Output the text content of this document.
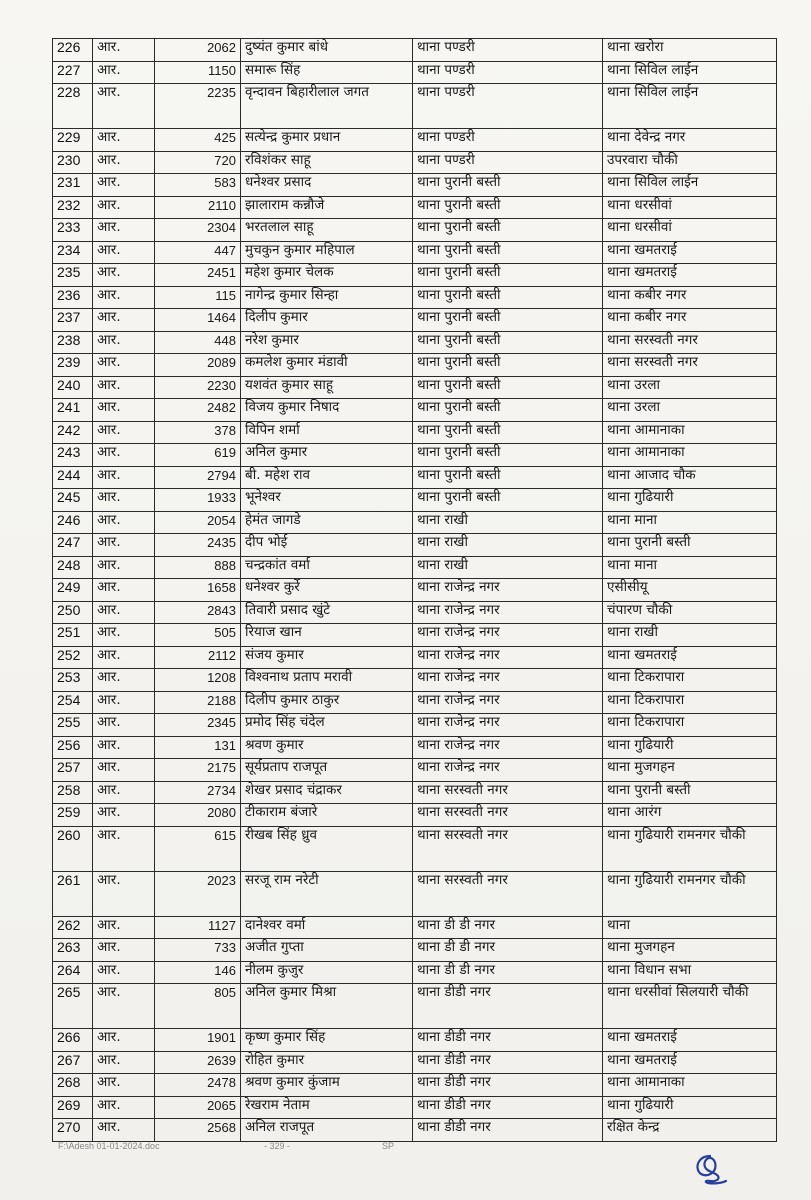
226	आर.	2062	दुष्यंत कुमार बांधे	थाना पण्डरी	थाना खरोरा
227	आर.	1150	समारू सिंह	थाना पण्डरी	थाना सिविल लाईन
228	आर.	2235	वृन्दावन बिहारीलाल जगत	थाना पण्डरी	थाना सिविल लाईन
229	आर.	425	सत्येन्द्र कुमार प्रधान	थाना पण्डरी	थाना देवेन्द्र नगर
230	आर.	720	रविशंकर साहू	थाना पण्डरी	उपरवारा चौकी
231	आर.	583	धनेश्वर प्रसाद	थाना पुरानी बस्ती	थाना सिविल लाईन
232	आर.	2110	झालाराम कन्नौजे	थाना पुरानी बस्ती	थाना धरसीवां
233	आर.	2304	भरतलाल साहू	थाना पुरानी बस्ती	थाना धरसीवां
234	आर.	447	मुचकुन कुमार महिपाल	थाना पुरानी बस्ती	थाना खमतराई
235	आर.	2451	महेश कुमार चेलक	थाना पुरानी बस्ती	थाना खमतराई
236	आर.	115	नागेन्द्र कुमार सिन्हा	थाना पुरानी बस्ती	थाना कबीर नगर
237	आर.	1464	दिलीप कुमार	थाना पुरानी बस्ती	थाना कबीर नगर
238	आर.	448	नरेश कुमार	थाना पुरानी बस्ती	थाना सरस्वती नगर
239	आर.	2089	कमलेश कुमार मंडावी	थाना पुरानी बस्ती	थाना सरस्वती नगर
240	आर.	2230	यशवंत कुमार साहू	थाना पुरानी बस्ती	थाना उरला
241	आर.	2482	विजय कुमार निषाद	थाना पुरानी बस्ती	थाना उरला
242	आर.	378	विपिन शर्मा	थाना पुरानी बस्ती	थाना आमानाका
243	आर.	619	अनिल कुमार	थाना पुरानी बस्ती	थाना आमानाका
244	आर.	2794	बी. महेश राव	थाना पुरानी बस्ती	थाना आजाद चौक
245	आर.	1933	भूनेश्वर	थाना पुरानी बस्ती	थाना गुढियारी
246	आर.	2054	हेमंत जागडे	थाना राखी	थाना माना
247	आर.	2435	दीप भोई	थाना राखी	थाना पुरानी बस्ती
248	आर.	888	चन्द्रकांत वर्मा	थाना राखी	थाना माना
249	आर.	1658	धनेश्वर कुर्रे	थाना राजेन्द्र नगर	एसीसीयू
250	आर.	2843	तिवारी प्रसाद खुंटे	थाना राजेन्द्र नगर	चंपारण चौकी
251	आर.	505	रियाज खान	थाना राजेन्द्र नगर	थाना राखी
252	आर.	2112	संजय कुमार	थाना राजेन्द्र नगर	थाना खमतराई
253	आर.	1208	विश्वनाथ प्रताप मरावी	थाना राजेन्द्र नगर	थाना टिकरापारा
254	आर.	2188	दिलीप कुमार ठाकुर	थाना राजेन्द्र नगर	थाना टिकरापारा
255	आर.	2345	प्रमोद सिंह चंदेल	थाना राजेन्द्र नगर	थाना टिकरापारा
256	आर.	131	श्रवण कुमार	थाना राजेन्द्र नगर	थाना गुढियारी
257	आर.	2175	सूर्यप्रताप राजपूत	थाना राजेन्द्र नगर	थाना मुजगहन
258	आर.	2734	शेखर प्रसाद चंद्राकर	थाना सरस्वती नगर	थाना पुरानी बस्ती
259	आर.	2080	टीकाराम बंजारे	थाना सरस्वती नगर	थाना आरंग
260	आर.	615	रीखब सिंह ध्रुव	थाना सरस्वती नगर	थाना गुढियारी रामनगर चौकी
261	आर.	2023	सरजू राम नरेटी	थाना सरस्वती नगर	थाना गुढियारी रामनगर चौकी
262	आर.	1127	दानेश्वर वर्मा	थाना डी डी नगर	थाना
263	आर.	733	अजीत गुप्ता	थाना डी डी नगर	थाना मुजगहन
264	आर.	146	नीलम कुजुर	थाना डी डी नगर	थाना विधान सभा
265	आर.	805	अनिल कुमार मिश्रा	थाना डीडी नगर	थाना धरसीवां सिलयारी चौकी
266	आर.	1901	कृष्ण कुमार सिंह	थाना डीडी नगर	थाना खमतराई
267	आर.	2639	रोहित कुमार	थाना डीडी नगर	थाना खमतराई
268	आर.	2478	श्रवण कुमार कुंजाम	थाना डीडी नगर	थाना आमानाका
269	आर.	2065	रेखराम नेताम	थाना डीडी नगर	थाना गुढियारी
270	आर.	2568	अनिल राजपूत	थाना डीडी नगर	रक्षित केन्द्र
F:\Adesh 01-01-2024.doc	- 329 -	SP
